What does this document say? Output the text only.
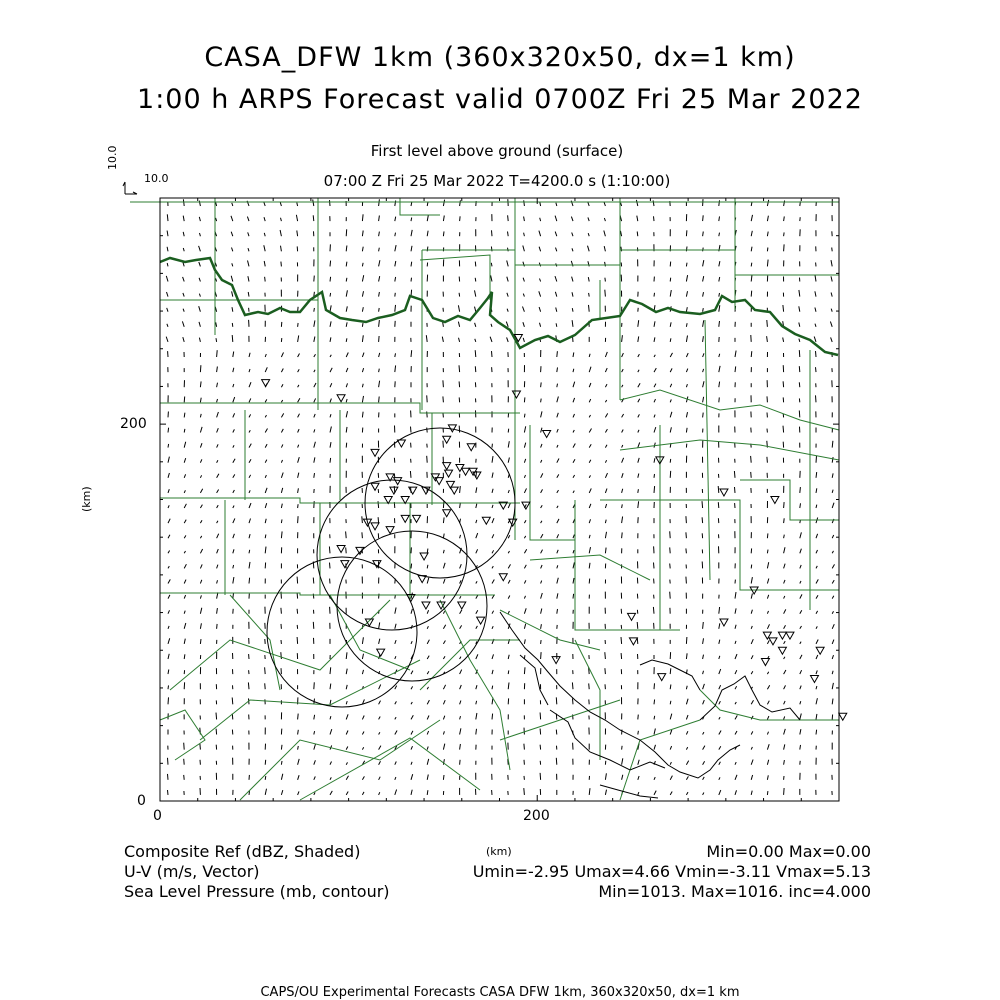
CASA_DFW 1km (360x320x50, dx=1 km)
1:00 h ARPS Forecast valid 0700Z Fri 25 Mar 2022
First level above ground (surface)
07:00 Z Fri 25 Mar 2022 T=4200.0 s (1:10:00)
10.0
10.0
(km)
(km)
0	200
0
200
Composite Ref (dBZ, Shaded)	Min=0.00 Max=0.00
U-V (m/s, Vector)	Umin=-2.95 Umax=4.66 Vmin=-3.11 Vmax=5.13
Sea Level Pressure (mb, contour)	Min=1013. Max=1016. inc=4.000
CAPS/OU Experimental Forecasts CASA DFW 1km, 360x320x50, dx=1 km
